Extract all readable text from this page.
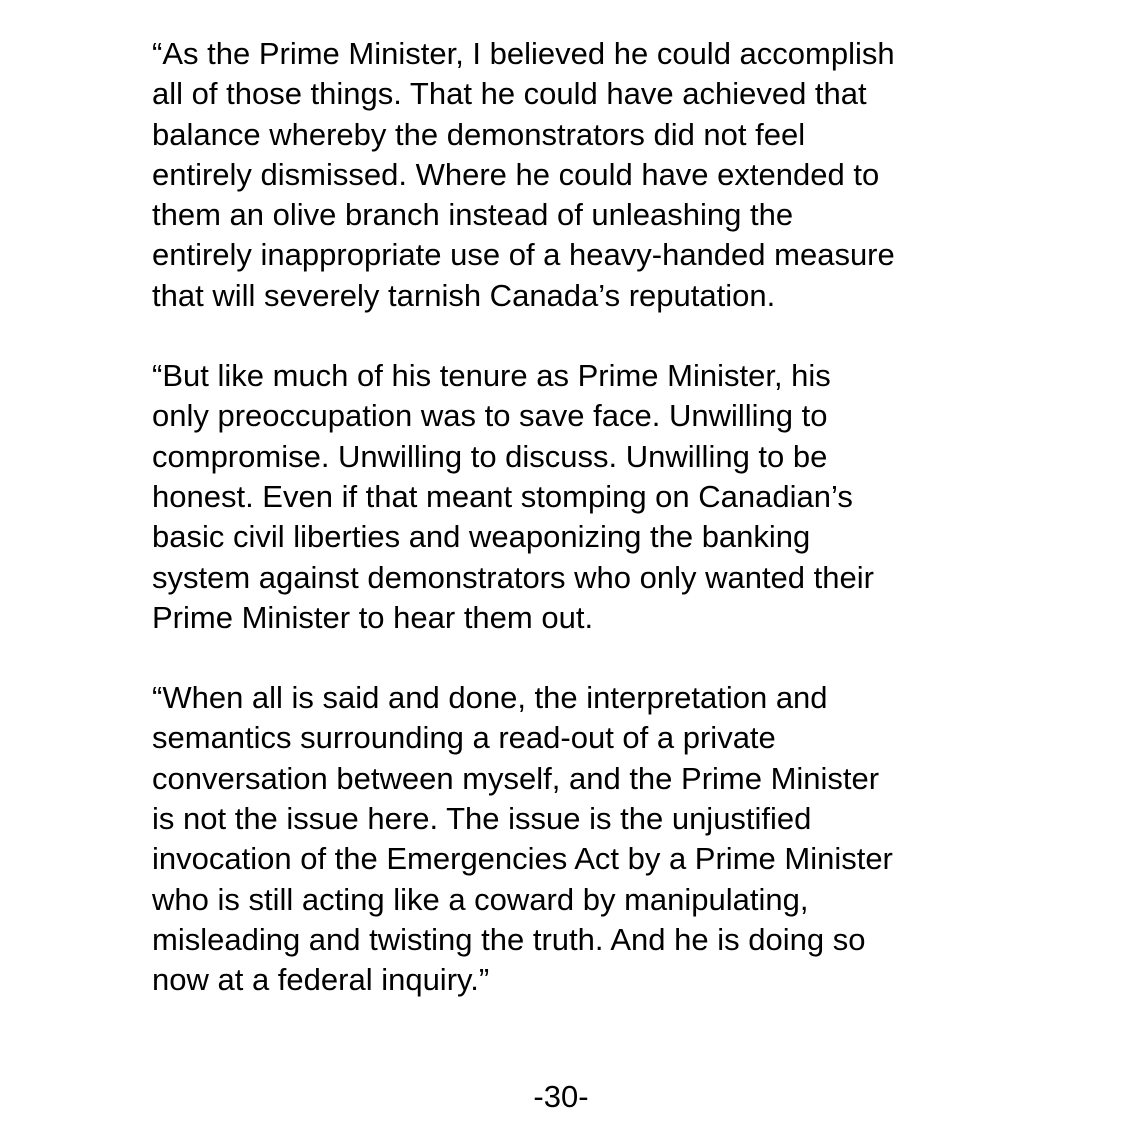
“As the Prime Minister, I believed he could accomplish
all of those things. That he could have achieved that
balance whereby the demonstrators did not feel
entirely dismissed. Where he could have extended to
them an olive branch instead of unleashing the
entirely inappropriate use of a heavy-handed measure
that will severely tarnish Canada’s reputation.

“But like much of his tenure as Prime Minister, his
only preoccupation was to save face. Unwilling to
compromise. Unwilling to discuss. Unwilling to be
honest. Even if that meant stomping on Canadian’s
basic civil liberties and weaponizing the banking
system against demonstrators who only wanted their
Prime Minister to hear them out.

“When all is said and done, the interpretation and
semantics surrounding a read-out of a private
conversation between myself, and the Prime Minister
is not the issue here. The issue is the unjustified
invocation of the Emergencies Act by a Prime Minister
who is still acting like a coward by manipulating,
misleading and twisting the truth. And he is doing so
now at a federal inquiry.”

-30-
